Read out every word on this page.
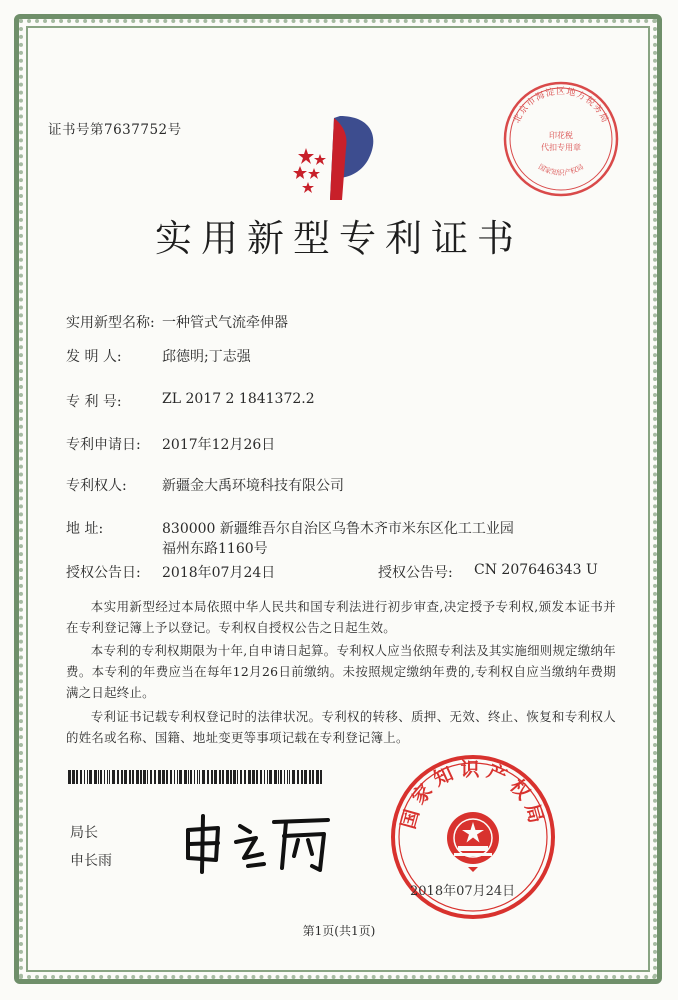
证书号第7637752号
北京市海淀区地方税务局
印花税
代扣专用章
国家知识产权局
实用新型专利证书
实用新型名称: 一种管式气流牵伸器
发 明 人:	邱德明;丁志强
专 利 号:	ZL 2017 2 1841372.2
专利申请日: 2017年12月26日
专利权人:	新疆金大禹环境科技有限公司
地 址:	830000 新疆维吾尔自治区乌鲁木齐市米东区化工工业园
福州东路1160号
授权公告日: 2018年07月24日	授权公告号: CN 207646343 U
本实用新型经过本局依照中华人民共和国专利法进行初步审查,决定授予专利权,颁发本证书并在专利登记簿上予以登记。专利权自授权公告之日起生效。
本专利的专利权期限为十年,自申请日起算。专利权人应当依照专利法及其实施细则规定缴纳年费。本专利的年费应当在每年12月26日前缴纳。未按照规定缴纳年费的,专利权自应当缴纳年费期满之日起终止。
专利证书记载专利权登记时的法律状况。专利权的转移、质押、无效、终止、恢复和专利权人的姓名或名称、国籍、地址变更等事项记载在专利登记簿上。
局长
申长雨
国家知识产权局
2018年07月24日
第1页(共1页)
